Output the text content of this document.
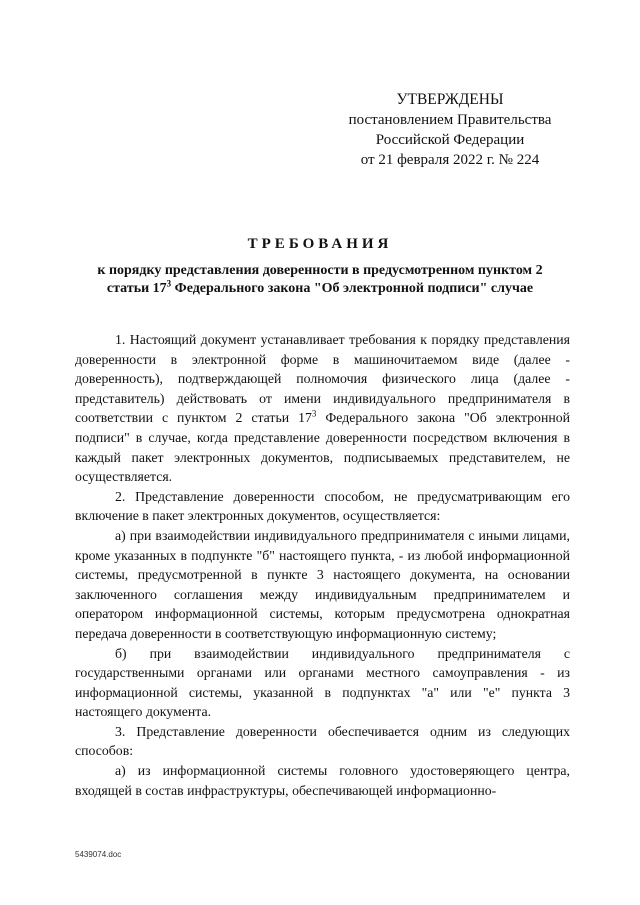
УТВЕРЖДЕНЫ
постановлением Правительства
Российской Федерации
от 21 февраля 2022 г. № 224
ТРЕБОВАНИЯ
к порядку представления доверенности в предусмотренном пунктом 2
статьи $17^3$ Федерального закона "Об электронной подписи" случае

1. Настоящий документ устанавливает требования к порядку представления доверенности в электронной форме в машиночитаемом виде (далее - доверенность), подтверждающей полномочия физического лица (далее - представитель) действовать от имени индивидуального предпринимателя в соответствии с пунктом 2 статьи $17^3$ Федерального закона "Об электронной подписи" в случае, когда представление доверенности посредством включения в каждый пакет электронных документов, подписываемых представителем, не осуществляется.

2. Представление доверенности способом, не предусматривающим его включение в пакет электронных документов, осуществляется:

а) при взаимодействии индивидуального предпринимателя с иными лицами, кроме указанных в подпункте "б" настоящего пункта, - из любой информационной системы, предусмотренной в пункте 3 настоящего документа, на основании заключенного соглашения между индивидуальным предпринимателем и оператором информационной системы, которым предусмотрена однократная передача доверенности в соответствующую информационную систему;

б) при взаимодействии индивидуального предпринимателя с государственными органами или органами местного самоуправления - из информационной системы, указанной в подпунктах "а" или "е" пункта 3 настоящего документа.

3. Представление доверенности обеспечивается одним из следующих способов:

а) из информационной системы головного удостоверяющего центра, входящей в состав инфраструктуры, обеспечивающей информационно-

5439074.doc
